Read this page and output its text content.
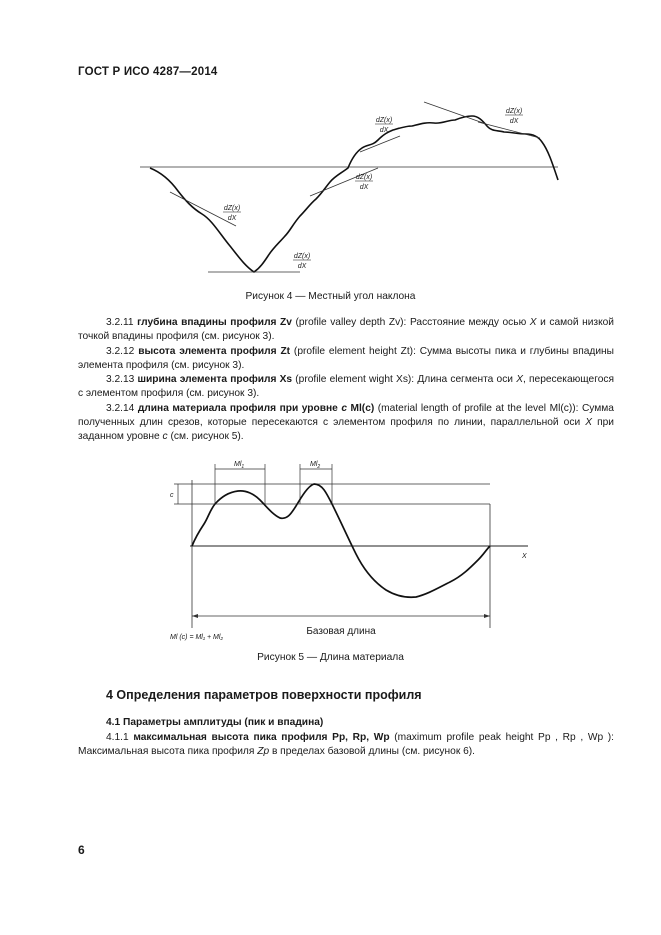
ГОСТ Р ИСО 4287—2014
dZ(x)
dX
dZ(x)
dX
dZ(x)
dX
dZ(x)
dX
dZ(x)
dX
Рисунок 4 — Местный угол наклона

3.2.11 глубина впадины профиля Zv (profile valley depth Zv): Расстояние между осью X и самой низкой точкой впадины профиля (см. рисунок 3).

3.2.12 высота элемента профиля Zt (profile element height Zt): Сумма высоты пика и глубины впадины элемента профиля (см. рисунок 3).

3.2.13 ширина элемента профиля Xs (profile element wight Xs): Длина сегмента оси X, пересекающегося с элементом профиля (см. рисунок 3).

3.2.14 длина материала профиля при уровне c Ml(c) (material length of profile at the level Ml(c)): Сумма полученных длин срезов, которые пересекаются с элементом профиля по линии, параллельной оси X при заданном уровне c (см. рисунок 5).

c
X
$Ml_1$	$Ml_2$
Базовая длина
Ml (c) = Ml₁ + Ml₂
Рисунок 5 — Длина материала
4 Определения параметров поверхности профиля
4.1 Параметры амплитуды (пик и впадина)

4.1.1 максимальная высота пика профиля Pp, Rp, Wp (maximum profile peak height Pp , Rp , Wp ): Максимальная высота пика профиля Zp в пределах базовой длины (см. рисунок 6).

6
